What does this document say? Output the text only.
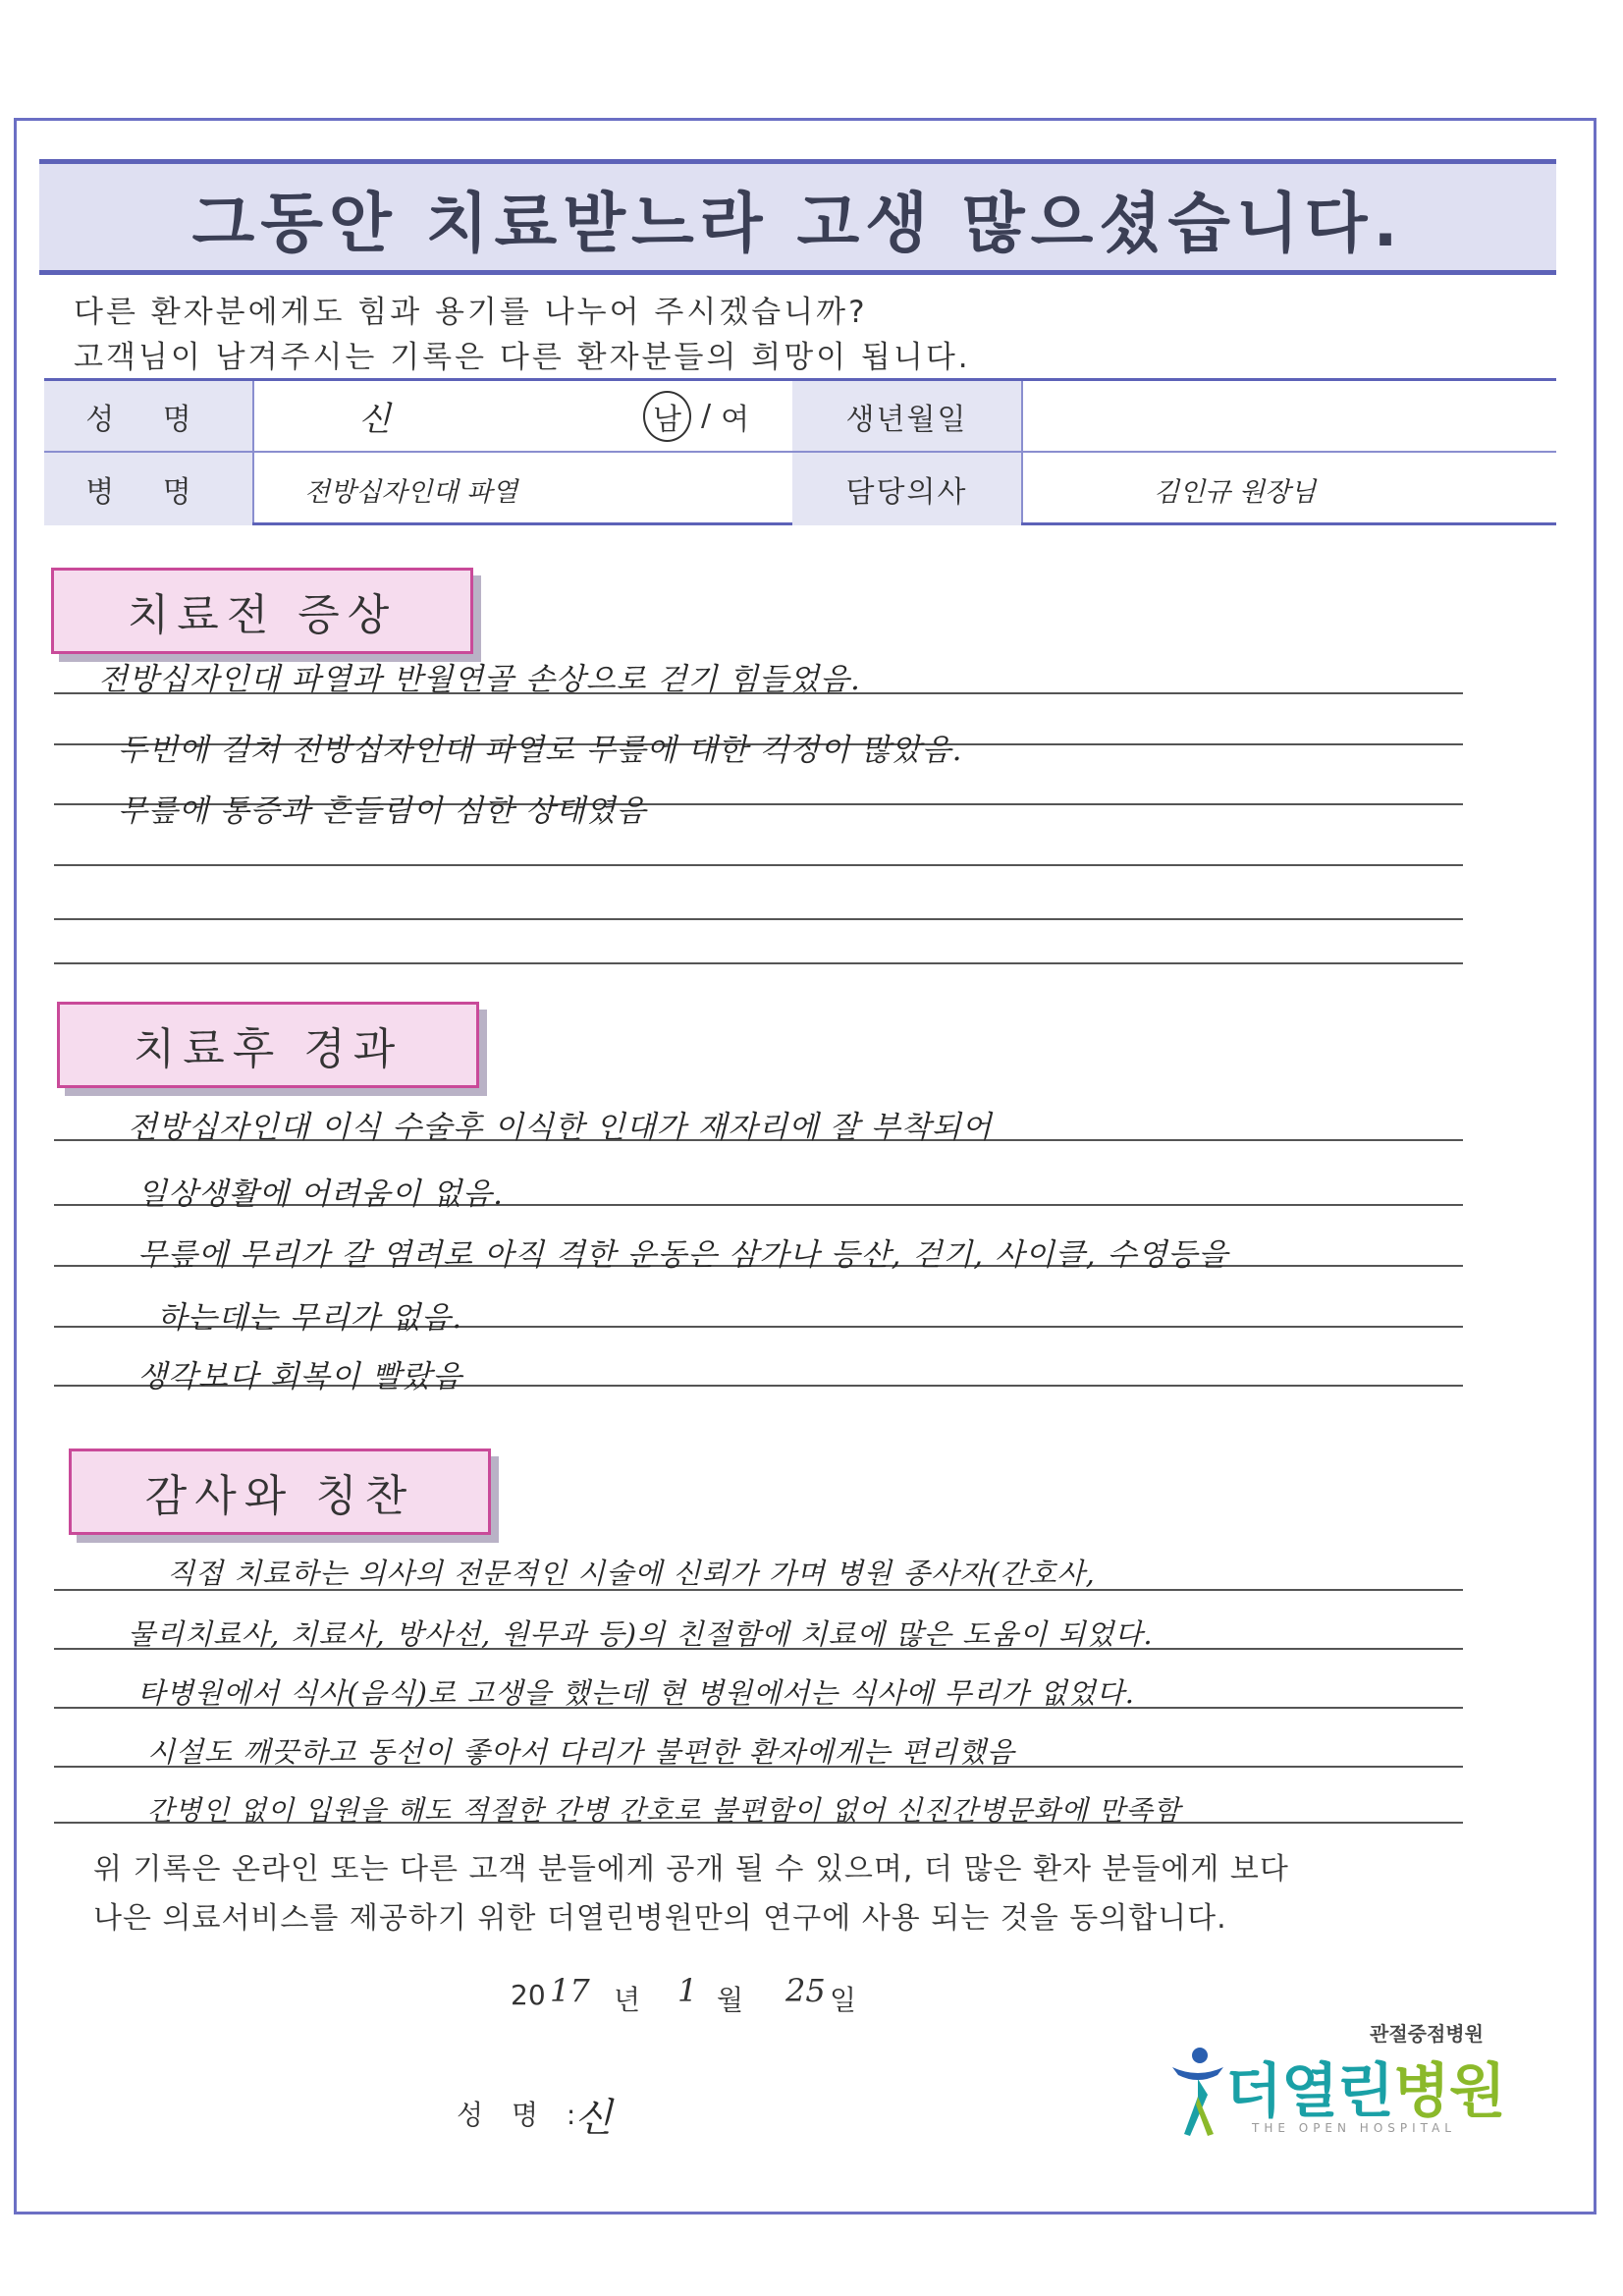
그동안 치료받느라 고생 많으셨습니다.
다른 환자분에게도 힘과 용기를 나누어 주시겠습니까?
고객님이 남겨주시는 기록은 다른 환자분들의 희망이 됩니다.
성 명	신	남 / 여	생년월일
병 명	전방십자인대 파열	담당의사	김인규 원장님
치료전 증상
전방십자인대 파열과 반월연골 손상으로 걷기 힘들었음.
두번에 걸쳐 전방십자인대 파열로 무릎에 대한 걱정이 많았음.
무릎에 통증과 흔들림이 심한 상태였음
치료후 경과
전방십자인대 이식 수술후 이식한 인대가 재자리에 잘 부착되어
일상생활에 어려움이 없음.
무릎에 무리가 갈 염려로 아직 격한 운동은 삼가나 등산, 걷기, 사이클, 수영등을
하는데는 무리가 없음.
생각보다 회복이 빨랐음
감사와 칭찬
직접 치료하는 의사의 전문적인 시술에 신뢰가 가며 병원 종사자(간호사,
물리치료사, 치료사, 방사선, 원무과 등)의 친절함에 치료에 많은 도움이 되었다.
타병원에서 식사(음식)로 고생을 했는데 현 병원에서는 식사에 무리가 없었다.
시설도 깨끗하고 동선이 좋아서 다리가 불편한 환자에게는 편리했음
간병인 없이 입원을 해도 적절한 간병 간호로 불편함이 없어 신진간병문화에 만족함
위 기록은 온라인 또는 다른 고객 분들에게 공개 될 수 있으며, 더 많은 환자 분들에게 보다
나은 의료서비스를 제공하기 위한 더열린병원만의 연구에 사용 되는 것을 동의합니다.
20 17 년 1 월 25 일
성 명 :
신
관절중점병원
더열린병원
THE OPEN HOSPITAL
